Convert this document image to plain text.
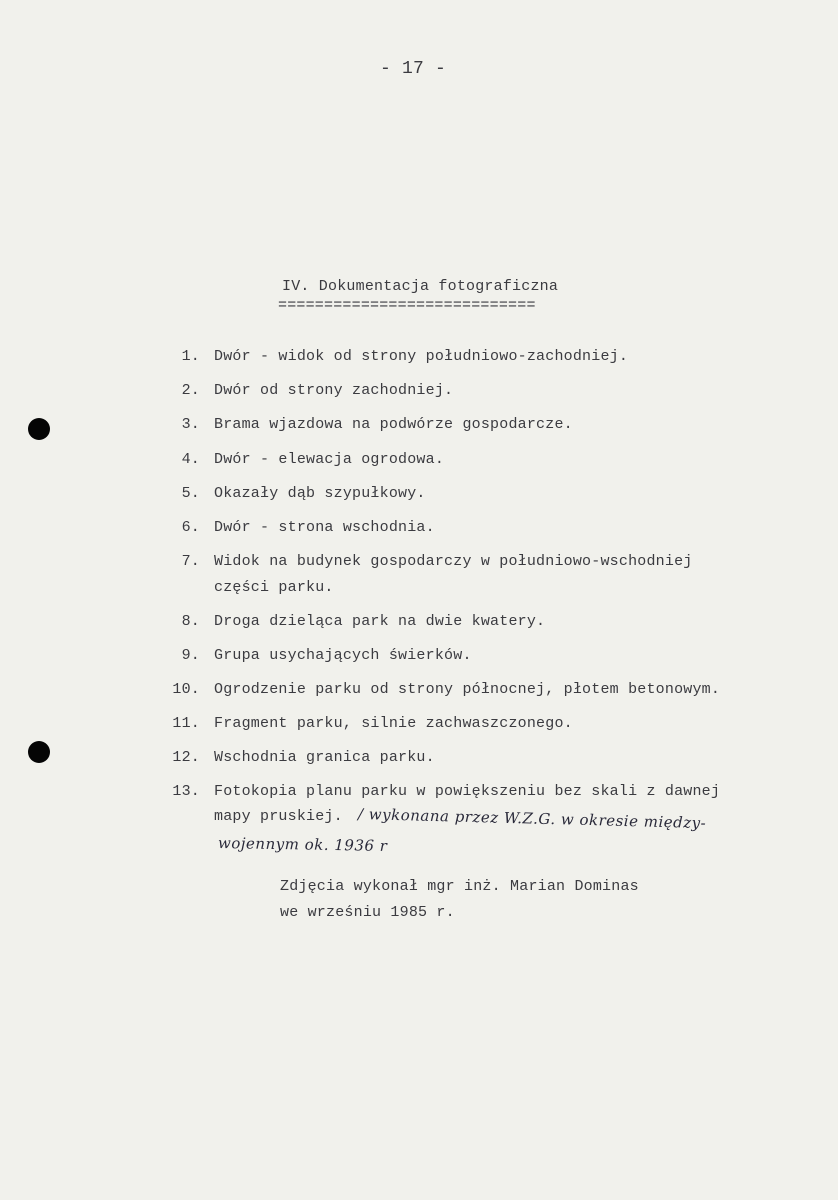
- 17 -
IV. Dokumentacja fotograficzna
============================
1. Dwór - widok od strony południowo-zachodniej.
2. Dwór od strony zachodniej.
3. Brama wjazdowa na podwórze gospodarcze.
4. Dwór - elewacja ogrodowa.
5. Okazały dąb szypułkowy.
6. Dwór - strona wschodnia.
7. Widok na budynek gospodarczy w południowo-wschodniej
części parku.
8. Droga dzieląca park na dwie kwatery.
9. Grupa usychających świerków.
10. Ogrodzenie parku od strony północnej, płotem betonowym.
11. Fragment parku, silnie zachwaszczonego.
12. Wschodnia granica parku.
13. Fotokopia planu parku w powiększeniu bez skali z dawnej
mapy pruskiej. / wykonana przez W.Z.G. w okresie między-
wojennym ok. 1936 r
Zdjęcia wykonał mgr inż. Marian Dominas
we wrześniu 1985 r.
